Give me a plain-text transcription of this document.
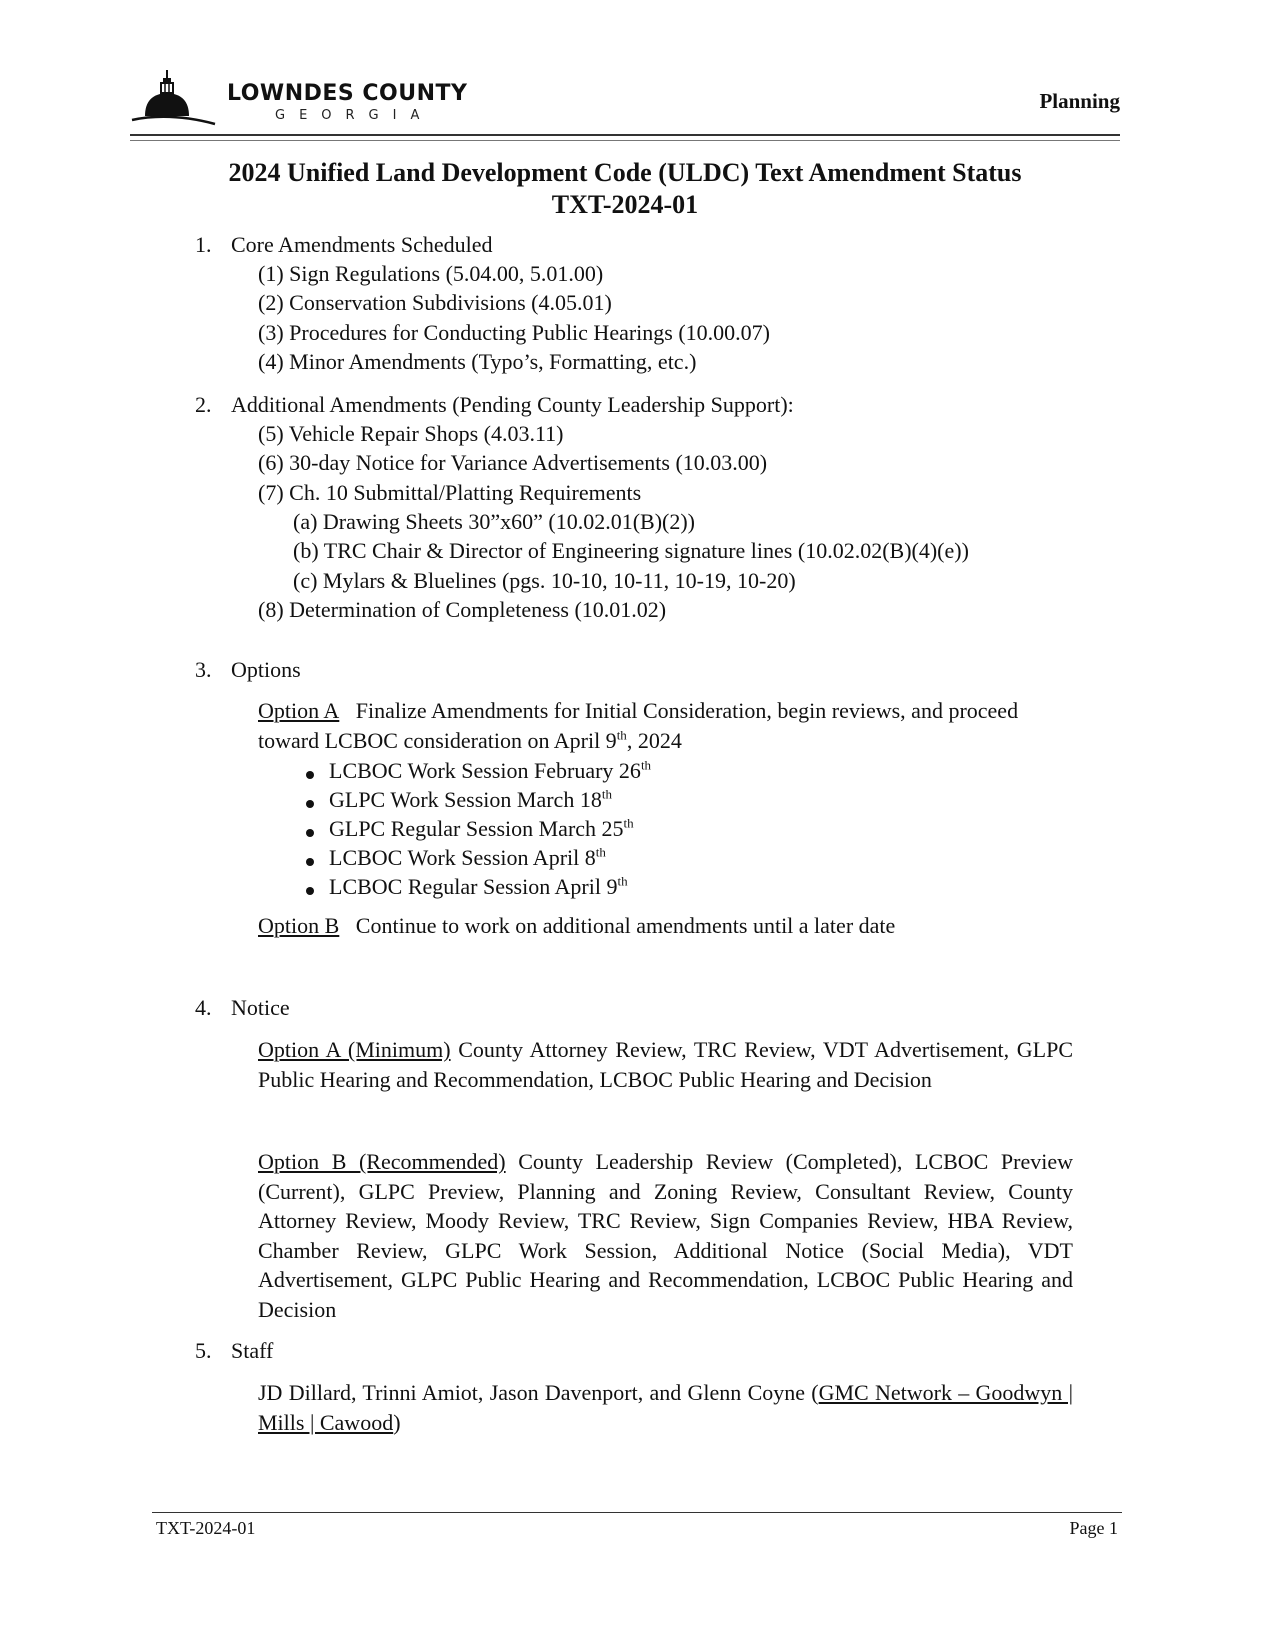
LOWNDES COUNTY
GEORGIA
Planning
2024 Unified Land Development Code (ULDC) Text Amendment Status
TXT-2024-01
1. Core Amendments Scheduled
(1) Sign Regulations (5.04.00, 5.01.00)
(2) Conservation Subdivisions (4.05.01)
(3) Procedures for Conducting Public Hearings (10.00.07)
(4) Minor Amendments (Typo’s, Formatting, etc.)
2. Additional Amendments (Pending County Leadership Support):
(5) Vehicle Repair Shops (4.03.11)
(6) 30-day Notice for Variance Advertisements (10.03.00)
(7) Ch. 10 Submittal/Platting Requirements
(a) Drawing Sheets 30”x60” (10.02.01(B)(2))
(b) TRC Chair & Director of Engineering signature lines (10.02.02(B)(4)(e))
(c) Mylars & Bluelines (pgs. 10-10, 10-11, 10-19, 10-20)
(8) Determination of Completeness (10.01.02)
3. Options
Option A Finalize Amendments for Initial Consideration, begin reviews, and proceed
toward LCBOC consideration on April 9th, 2024
LCBOC Work Session February 26th
GLPC Work Session March 18th
GLPC Regular Session March 25th
LCBOC Work Session April 8th
LCBOC Regular Session April 9th
Option B Continue to work on additional amendments until a later date
4. Notice
Option A (Minimum) County Attorney Review, TRC Review, VDT Advertisement, GLPC Public Hearing and Recommendation, LCBOC Public Hearing and Decision
Option B (Recommended) County Leadership Review (Completed), LCBOC Preview (Current), GLPC Preview, Planning and Zoning Review, Consultant Review, County Attorney Review, Moody Review, TRC Review, Sign Companies Review, HBA Review, Chamber Review, GLPC Work Session, Additional Notice (Social Media), VDT Advertisement, GLPC Public Hearing and Recommendation, LCBOC Public Hearing and Decision
5. Staff
JD Dillard, Trinni Amiot, Jason Davenport, and Glenn Coyne (GMC Network – Goodwyn | Mills | Cawood)
TXT-2024-01	Page 1
